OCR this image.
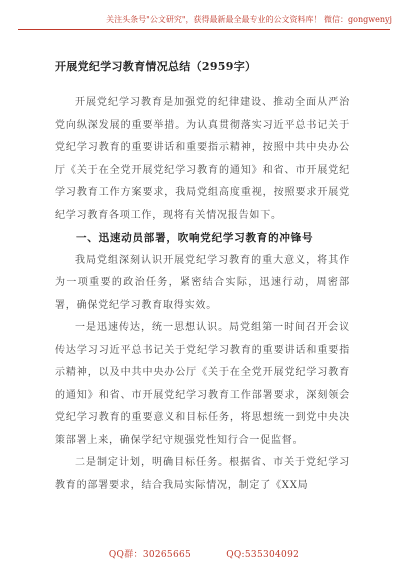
关注头条号"公文研究"，获得最新最全最专业的公文资料库！ 微信：gongwenyj
开展党纪学习教育情况总结（2959字）

开展党纪学习教育是加强党的纪律建设、推动全面从严治党向纵深发展的重要举措。为认真贯彻落实习近平总书记关于党纪学习教育的重要讲话和重要指示精神，按照中共中央办公厅《关于在全党开展党纪学习教育的通知》和省、市开展党纪学习教育工作方案要求，我局党组高度重视，按照要求开展党纪学习教育各项工作，现将有关情况报告如下。

一、迅速动员部署，吹响党纪学习教育的冲锋号

我局党组深刻认识开展党纪学习教育的重大意义，将其作为一项重要的政治任务，紧密结合实际，迅速行动，周密部署，确保党纪学习教育取得实效。

一是迅速传达，统一思想认识。局党组第一时间召开会议传达学习习近平总书记关于党纪学习教育的重要讲话和重要指示精神，以及中共中央办公厅《关于在全党开展党纪学习教育的通知》和省、市开展党纪学习教育工作部署要求，深刻领会党纪学习教育的重要意义和目标任务，将思想统一到党中央决策部署上来，确保学纪守规强党性知行合一促监督。

二是制定计划，明确目标任务。根据省、市关于党纪学习教育的部署要求，结合我局实际情况，制定了《XX局

QQ群：30265665	QQ:535304092
